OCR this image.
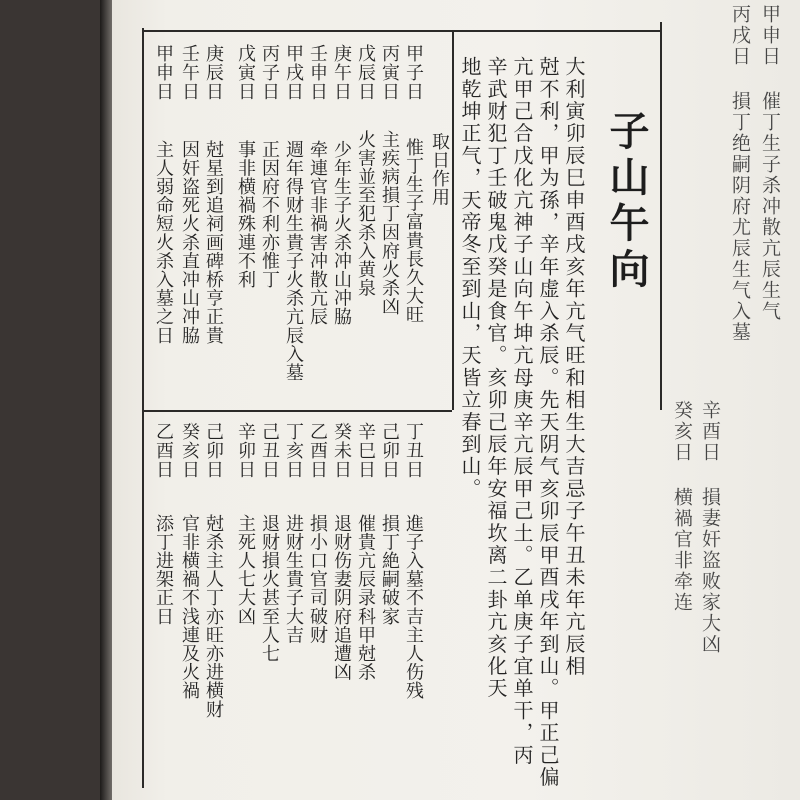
甲申日 催丁生子杀冲散亢辰生气
丙戌日 損丁绝嗣阴府尤辰生气入墓
辛酉日 損妻奸盗败家大凶
癸亥日 横禍官非牵连
子山午向
大利寅卯辰巳申酉戌亥年亢气旺和相生大吉忌子午丑未年亢辰相
尅不利，甲为孫，辛年虚入杀辰。先天阴气亥卯辰甲酉戌年到山。甲正己偏
亢甲己合戊化亢神子山向午坤亢母庚辛亢辰甲己土。乙单庚子宜单干，丙
辛武财犯丁壬破鬼戊癸是食官。亥卯己辰年安福坎离二卦亢亥化天
地乾坤正气，天帝冬至到山，天皆立春到山。
取日作用
甲子日
丙寅日
戊辰日
庚午日
壬申日
甲戌日
丙子日
戊寅日
庚辰日
壬午日
甲申日
惟丁生子富貴長久大旺
主疾病損丁因府火杀凶
火害並至犯杀入黄泉
少年生子火杀冲山冲脇
牵連官非禍害冲散亢辰
週年得财生貴子火杀亢辰入墓
正因府不利亦惟丁
事非横禍殊連不利
尅星到追祠画碑桥亨正貴
因奸盗死火杀直冲山冲脇
主人弱命短火杀入墓之日
丁丑日
己卯日
辛巳日
癸未日
乙酉日
丁亥日
己丑日
辛卯日
己卯日
癸亥日
乙酉日
進子入墓不吉主人伤残
損丁絶嗣破家
催貴亢辰录科甲尅杀
退财伤妻阴府追遭凶
損小口官司破财
进财生貴子大吉
退财損火甚至人七
主死人七大凶
尅杀主人丁亦旺亦进横财
官非横禍不浅連及火禍
添丁进架正日
